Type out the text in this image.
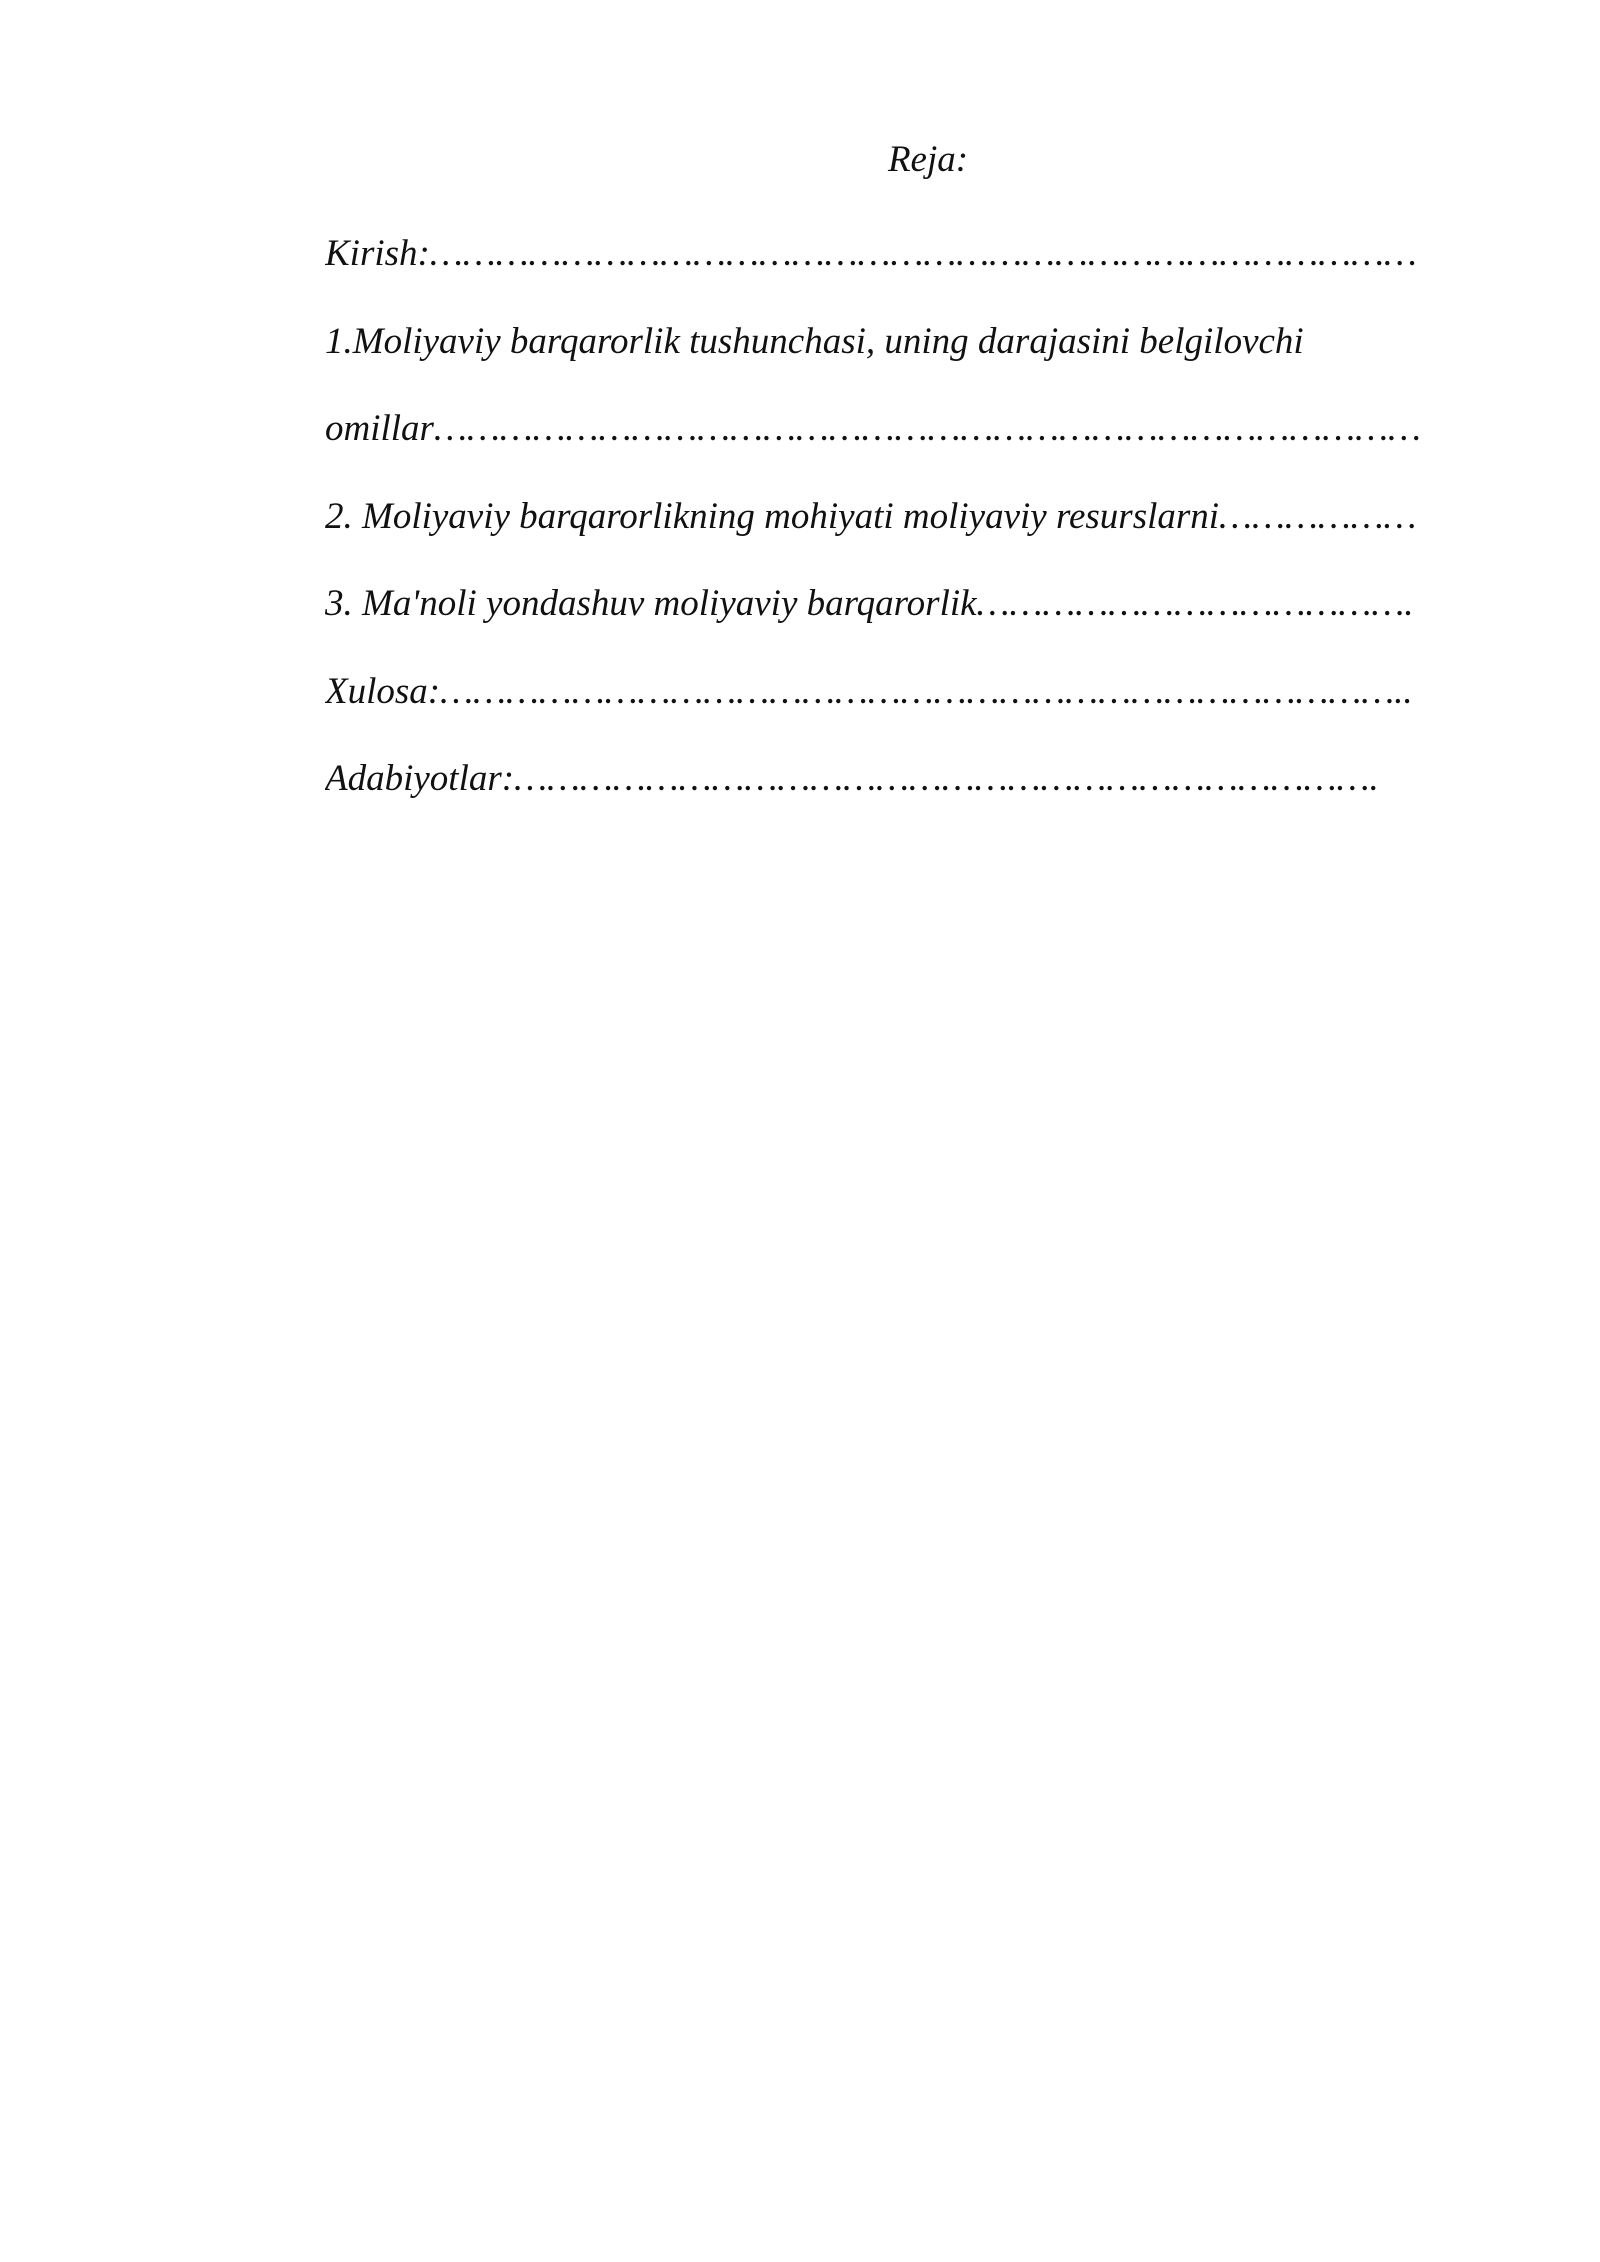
Reja:
Kirish:………………………………………………………………………………
1.Moliyaviy barqarorlik tushunchasi, uning darajasini belgilovchi
omillar………………………………………………………………………………
2. Moliyaviy barqarorlikning mohiyati moliyaviy resurslarni………………
3. Ma'noli yondashuv moliyaviy barqarorlik………………………………….
Xulosa:……………………………………………………………………………..
Adabiyotlar:…………………………………………………………………….
